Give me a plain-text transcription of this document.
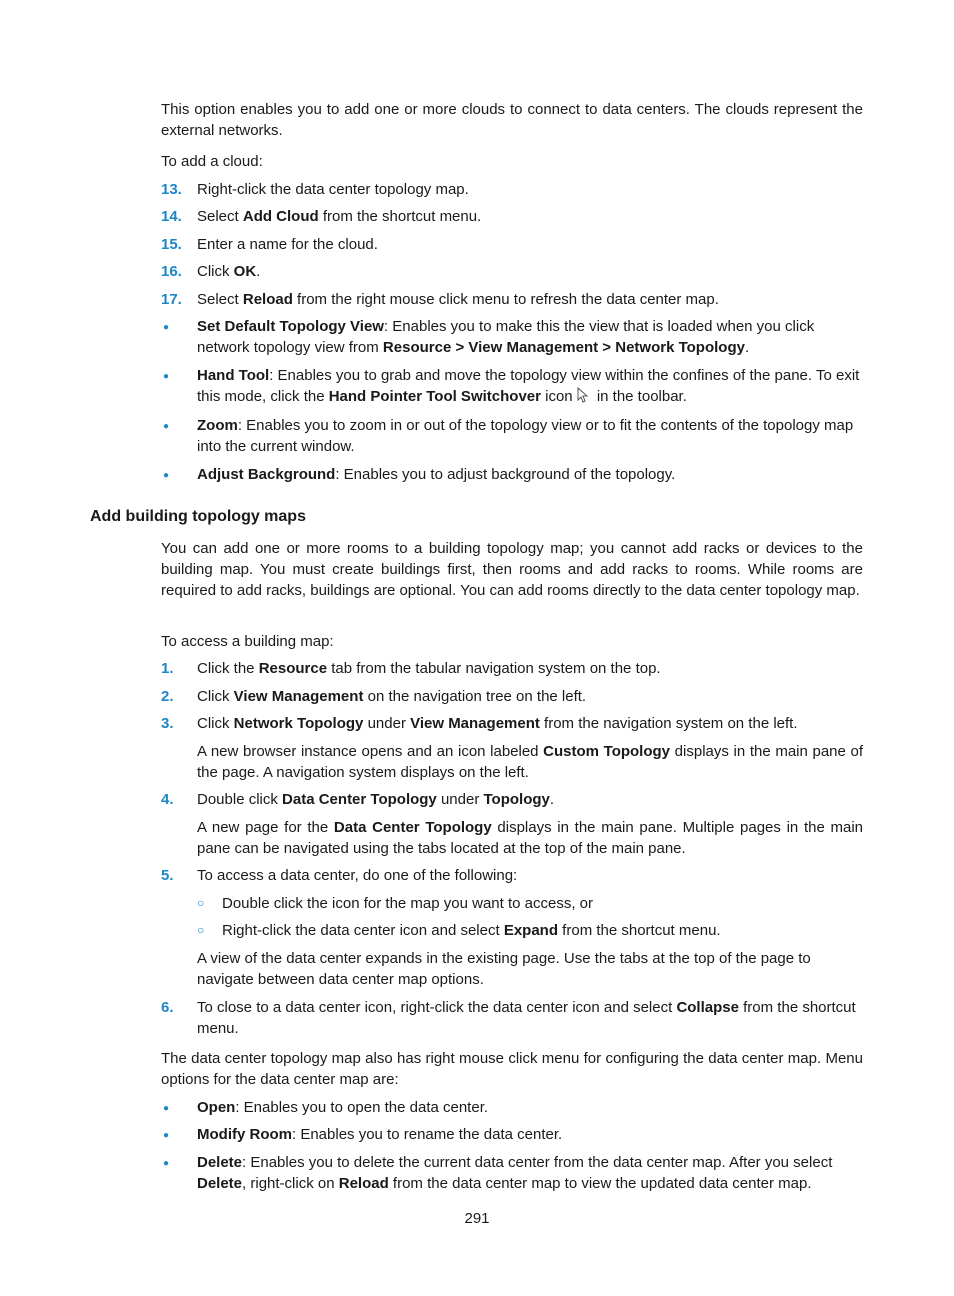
This option enables you to add one or more clouds to connect to data centers. The clouds represent the external networks.

To add a cloud:

13. Right-click the data center topology map.

14. Select Add Cloud from the shortcut menu.

15. Enter a name for the cloud.

16. Click OK.

17. Select Reload from the right mouse click menu to refresh the data center map.

● Set Default Topology View: Enables you to make this the view that is loaded when you click network topology view from Resource > View Management > Network Topology.

● Hand Tool: Enables you to grab and move the topology view within the confines of the pane. To exit this mode, click the Hand Pointer Tool Switchover icon in the toolbar.

● Zoom: Enables you to zoom in or out of the topology view or to fit the contents of the topology map into the current window.

● Adjust Background: Enables you to adjust background of the topology.

Add building topology maps

You can add one or more rooms to a building topology map; you cannot add racks or devices to the building map. You must create buildings first, then rooms and add racks to rooms. While rooms are required to add racks, buildings are optional. You can add rooms directly to the data center topology map.

To access a building map:

1. Click the Resource tab from the tabular navigation system on the top.

2. Click View Management on the navigation tree on the left.

3. Click Network Topology under View Management from the navigation system on the left.

A new browser instance opens and an icon labeled Custom Topology displays in the main pane of the page. A navigation system displays on the left.

4. Double click Data Center Topology under Topology.

A new page for the Data Center Topology displays in the main pane. Multiple pages in the main pane can be navigated using the tabs located at the top of the main pane.

5. To access a data center, do one of the following:

○ Double click the icon for the map you want to access, or

○ Right-click the data center icon and select Expand from the shortcut menu.

A view of the data center expands in the existing page. Use the tabs at the top of the page to navigate between data center map options.

6. To close to a data center icon, right-click the data center icon and select Collapse from the shortcut menu.

The data center topology map also has right mouse click menu for configuring the data center map. Menu options for the data center map are:

● Open: Enables you to open the data center.

● Modify Room: Enables you to rename the data center.

● Delete: Enables you to delete the current data center from the data center map. After you select Delete, right-click on Reload from the data center map to view the updated data center map.

291
